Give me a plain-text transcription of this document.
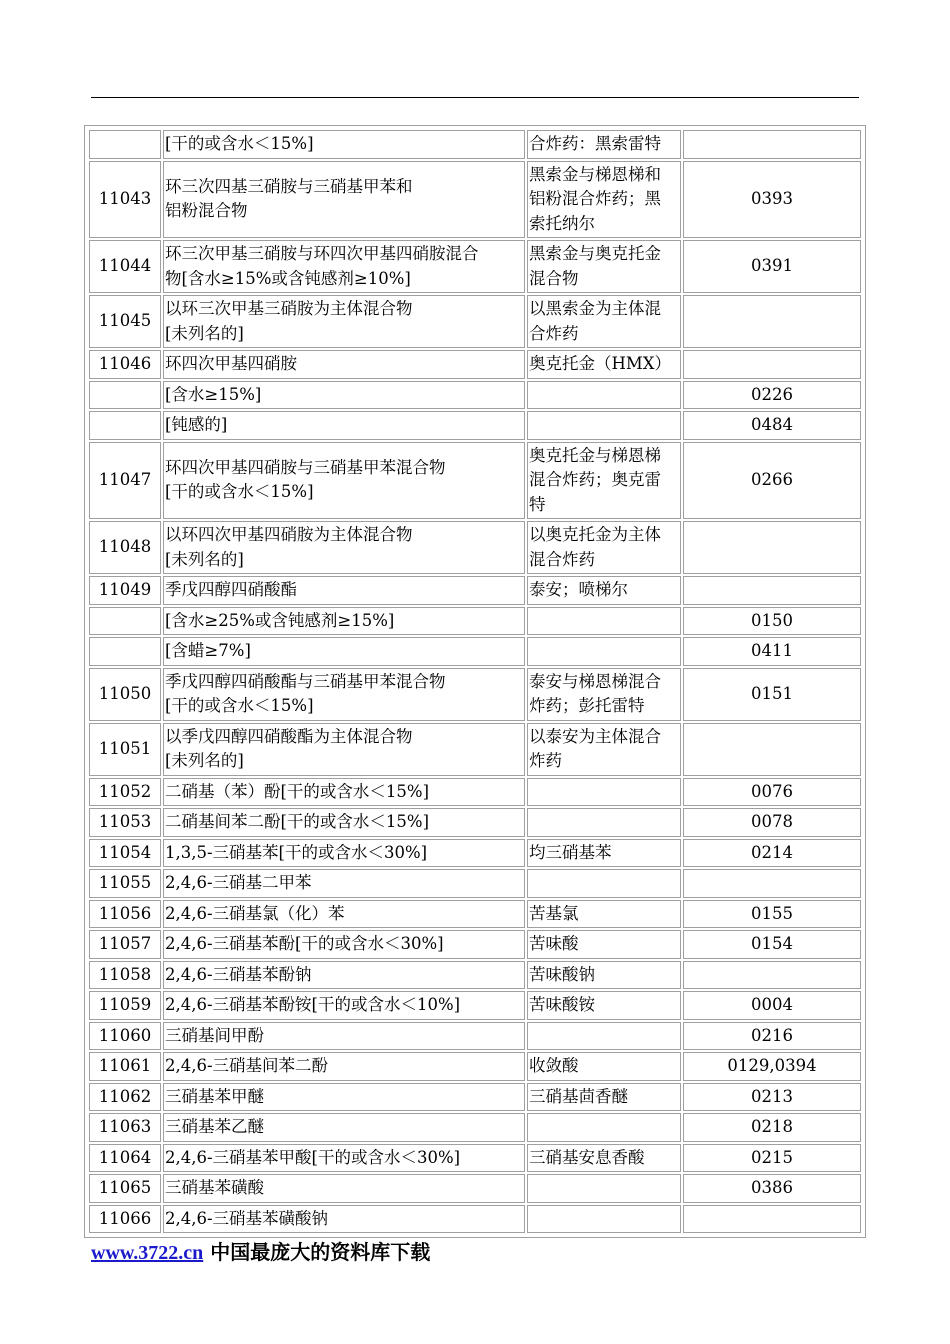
	[干的或含水＜15%]	合炸药：黑索雷特	

11043	环三次四基三硝胺与三硝基甲苯和
铝粉混合物	黑索金与梯恩梯和
铝粉混合炸药；黑
索托纳尔	0393
11044	环三次甲基三硝胺与环四次甲基四硝胺混合
物[含水≥15%或含钝感剂≥10%]	黑索金与奥克托金
混合物	0391
11045	以环三次甲基三硝胺为主体混合物
[未列名的]	以黑索金为主体混
合炸药	

11046	环四次甲基四硝胺	奥克托金（HMX）	

	[含水≥15%]		0226

	[钝感的]		0484
11047	环四次甲基四硝胺与三硝基甲苯混合物
[干的或含水＜15%]	奥克托金与梯恩梯
混合炸药；奥克雷
特	0266
11048	以环四次甲基四硝胺为主体混合物
[未列名的]	以奥克托金为主体
混合炸药	

11049	季戊四醇四硝酸酯	泰安；喷梯尔	

	[含水≥25%或含钝感剂≥15%]		0150

	[含蜡≥7%]		0411
11050	季戊四醇四硝酸酯与三硝基甲苯混合物
[干的或含水＜15%]	泰安与梯恩梯混合
炸药；彭托雷特	0151
11051	以季戊四醇四硝酸酯为主体混合物
[未列名的]	以泰安为主体混合
炸药	

11052	二硝基（苯）酚[干的或含水＜15%]		0076
11053	二硝基间苯二酚[干的或含水＜15%]		0078
11054	1,3,5-三硝基苯[干的或含水＜30%]	均三硝基苯	0214
11055	2,4,6-三硝基二甲苯		

11056	2,4,6-三硝基氯（化）苯	苦基氯	0155
11057	2,4,6-三硝基苯酚[干的或含水＜30%]	苦味酸	0154
11058	2,4,6-三硝基苯酚钠	苦味酸钠	

11059	2,4,6-三硝基苯酚铵[干的或含水＜10%]	苦味酸铵	0004
11060	三硝基间甲酚		0216
11061	2,4,6-三硝基间苯二酚	收敛酸	0129,0394
11062	三硝基苯甲醚	三硝基茴香醚	0213
11063	三硝基苯乙醚		0218
11064	2,4,6-三硝基苯甲酸[干的或含水＜30%]	三硝基安息香酸	0215
11065	三硝基苯磺酸		0386
11066	2,4,6-三硝基苯磺酸钠		

www.3722.cn 中国最庞大的资料库下载
